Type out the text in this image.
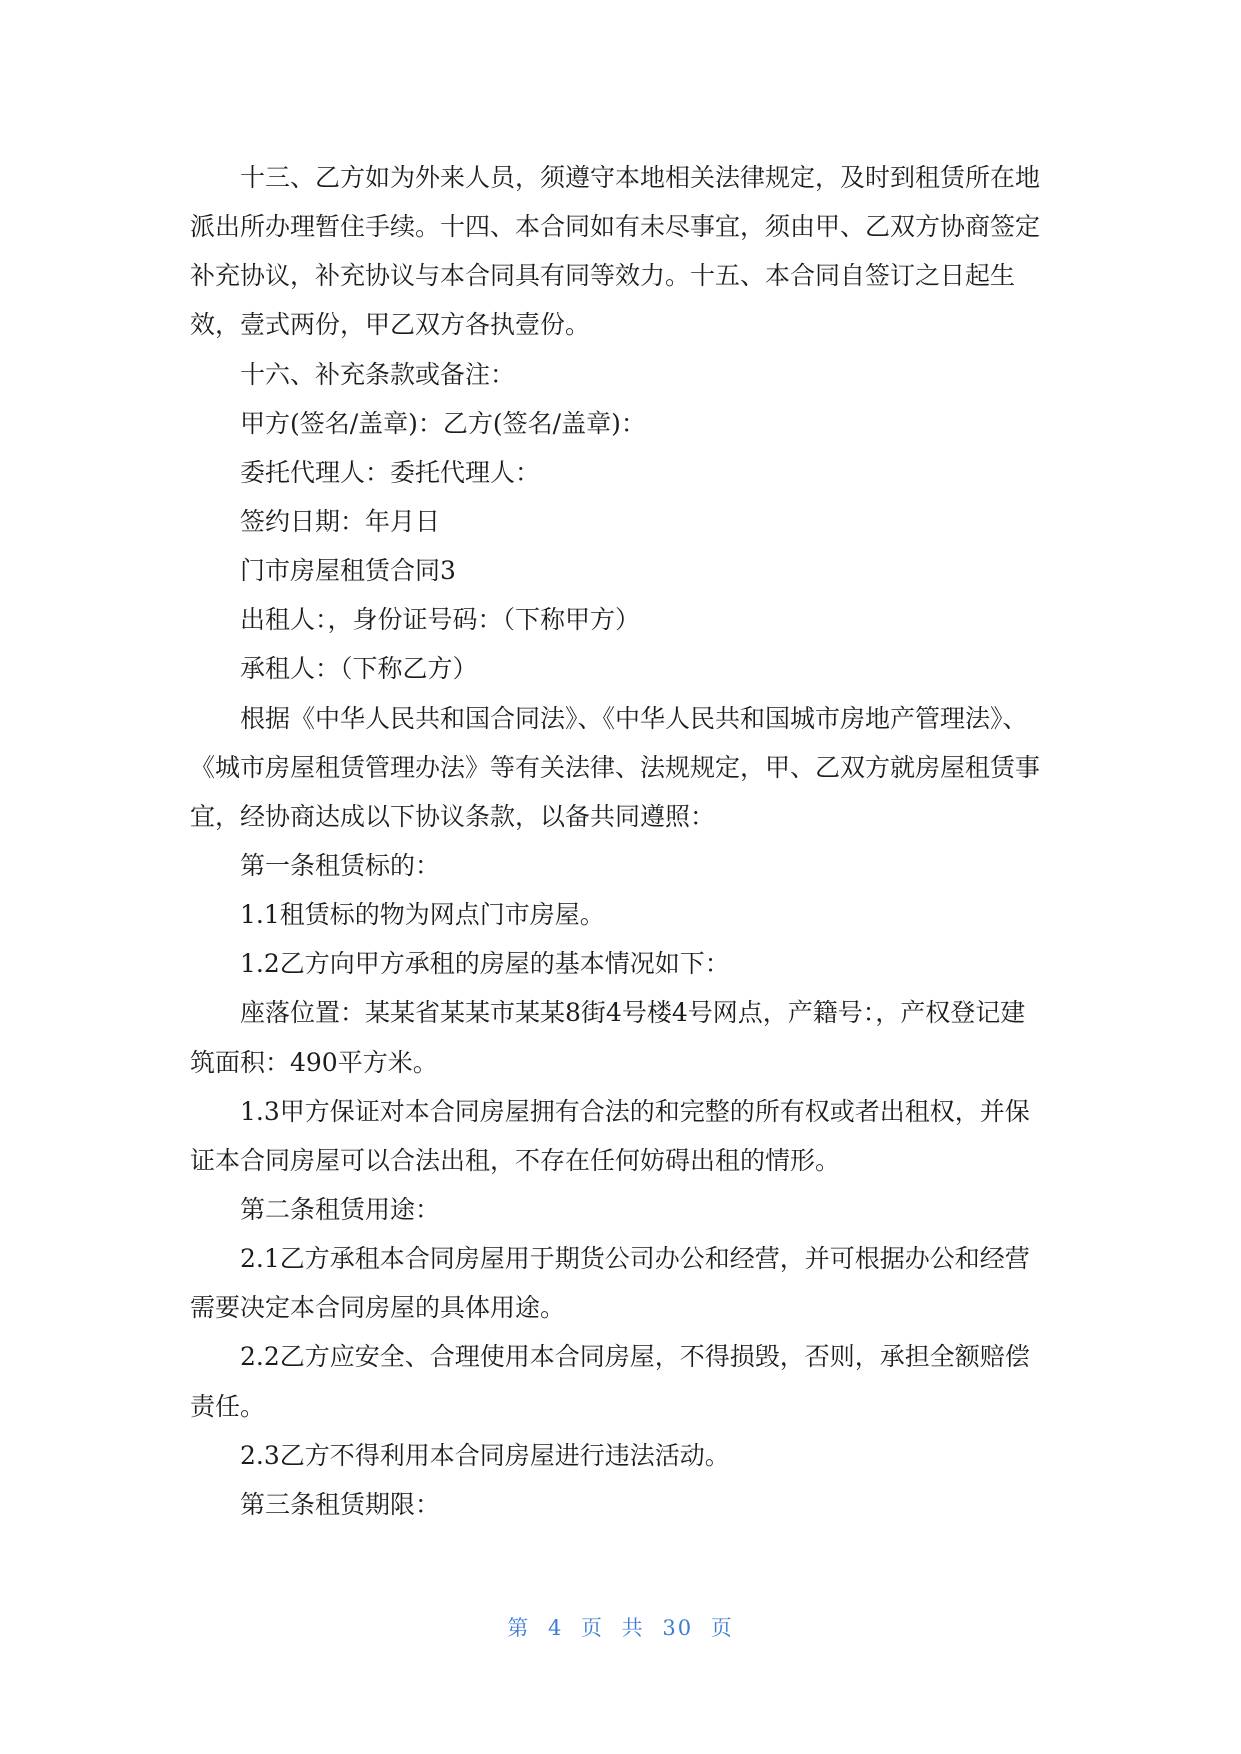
十三、乙方如为外来人员，须遵守本地相关法律规定，及时到租赁所在地
派出所办理暂住手续。十四、本合同如有未尽事宜，须由甲、乙双方协商签定
补充协议，补充协议与本合同具有同等效力。十五、本合同自签订之日起生
效，壹式两份，甲乙双方各执壹份。
十六、补充条款或备注：
甲方(签名/盖章)：乙方(签名/盖章)：
委托代理人：委托代理人：
签约日期：年月日
门市房屋租赁合同3
出租人：，身份证号码：（下称甲方）
承租人：（下称乙方）
根据《中华人民共和国合同法》、《中华人民共和国城市房地产管理法》、
《城市房屋租赁管理办法》等有关法律、法规规定，甲、乙双方就房屋租赁事
宜，经协商达成以下协议条款，以备共同遵照：
第一条租赁标的：
1.1租赁标的物为网点门市房屋。
1.2乙方向甲方承租的房屋的基本情况如下：
座落位置：某某省某某市某某8街4号楼4号网点，产籍号：，产权登记建
筑面积：490平方米。
1.3甲方保证对本合同房屋拥有合法的和完整的所有权或者出租权，并保
证本合同房屋可以合法出租，不存在任何妨碍出租的情形。
第二条租赁用途：
2.1乙方承租本合同房屋用于期货公司办公和经营，并可根据办公和经营
需要决定本合同房屋的具体用途。
2.2乙方应安全、合理使用本合同房屋，不得损毁，否则，承担全额赔偿
责任。
2.3乙方不得利用本合同房屋进行违法活动。
第三条租赁期限：
第 4 页 共 30 页
